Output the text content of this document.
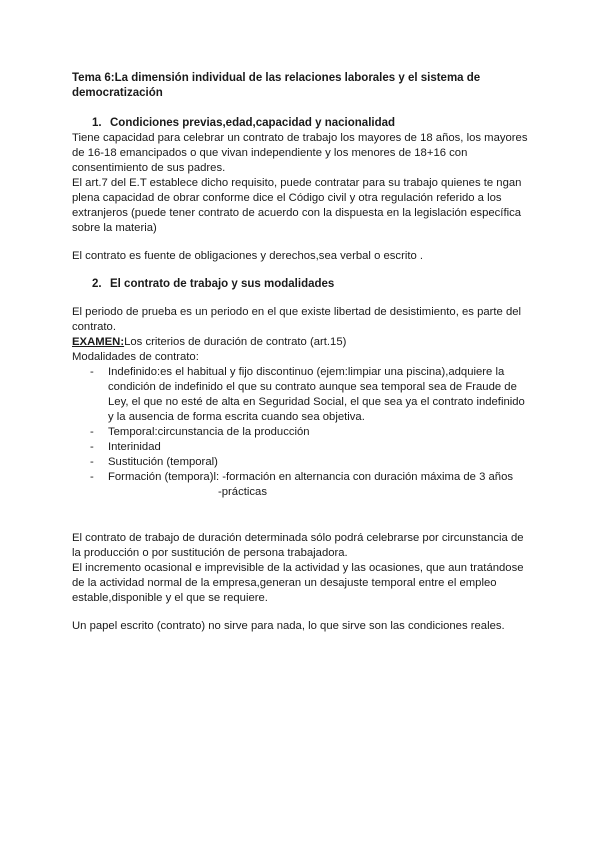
Tema 6:La dimensión individual de las relaciones laborales y el sistema de democratización

1. Condiciones previas,edad,capacidad y nacionalidad

Tiene capacidad para celebrar un contrato de trabajo los mayores de 18 años, los mayores de 16-18 emancipados o que vivan independiente y los menores de 18+16 con consentimiento de sus padres.

El art.7 del E.T establece dicho requisito, puede contratar para su trabajo quienes te ngan plena capacidad de obrar conforme dice el Código civil y otra regulación referido a los extranjeros (puede tener contrato de acuerdo con la dispuesta en la legislación específica sobre la materia)

El contrato es fuente de obligaciones y derechos,sea verbal o escrito .

2. El contrato de trabajo y sus modalidades

El periodo de prueba es un periodo en el que existe libertad de desistimiento, es parte del contrato.

EXAMEN:Los criterios de duración de contrato (art.15)

Modalidades de contrato:

- Indefinido:es el habitual y fijo discontinuo (ejem:limpiar una piscina),adquiere la condición de indefinido el que su contrato aunque sea temporal sea de Fraude de Ley, el que no esté de alta en Seguridad Social, el que sea ya el contrato indefinido y la ausencia de forma escrita cuando sea objetiva.
- Temporal:circunstancia de la producción
- Interinidad
- Sustitución (temporal)
- Formación (tempora)l: -formación en alternancia con duración máxima de 3 años

-prácticas

El contrato de trabajo de duración determinada sólo podrá celebrarse por circunstancia de la producción o por sustitución de persona trabajadora.

El incremento ocasional e imprevisible de la actividad y las ocasiones, que aun tratándose de la actividad normal de la empresa,generan un desajuste temporal entre el empleo estable,disponible y el que se requiere.

Un papel escrito (contrato) no sirve para nada, lo que sirve son las condiciones reales.
